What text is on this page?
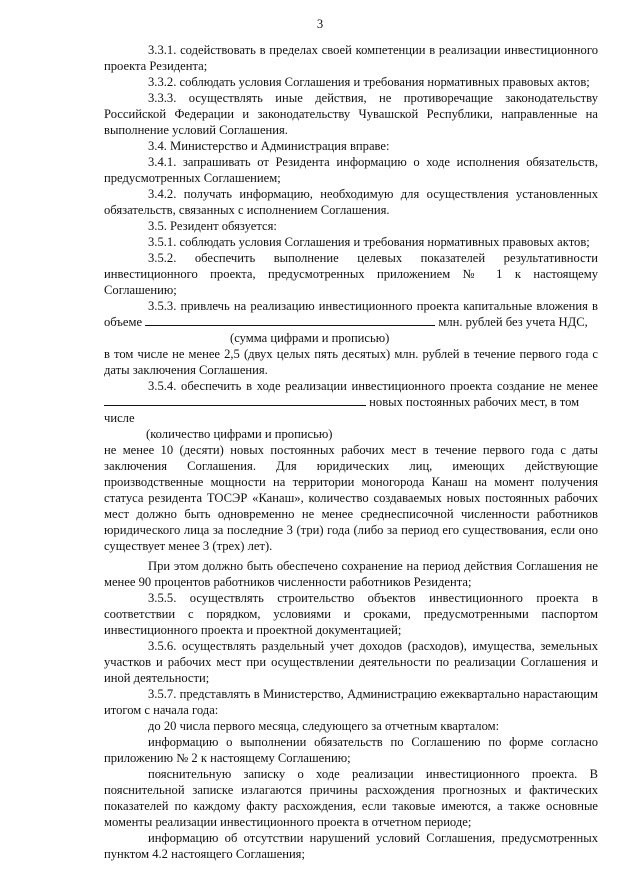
3

3.3.1. содействовать в пределах своей компетенции в реализации инвестиционного проекта Резидента;

3.3.2. соблюдать условия Соглашения и требования нормативных правовых актов;

3.3.3. осуществлять иные действия, не противоречащие законодательству Российской Федерации и законодательству Чувашской Республики, направленные на выполнение условий Соглашения.

3.4. Министерство и Администрация вправе:

3.4.1. запрашивать от Резидента информацию о ходе исполнения обязательств, предусмотренных Соглашением;

3.4.2. получать информацию, необходимую для осуществления установленных обязательств, связанных с исполнением Соглашения.

3.5. Резидент обязуется:

3.5.1. соблюдать условия Соглашения и требования нормативных правовых актов;

3.5.2. обеспечить выполнение целевых показателей результативности инвестиционного проекта, предусмотренных приложением № 1 к настоящему Соглашению;

3.5.3. привлечь на реализацию инвестиционного проекта капитальные вложения в

объеме	млн. рублей без учета НДС,

(сумма цифрами и прописью)

в том числе не менее 2,5 (двух целых пять десятых) млн. рублей в течение первого года с даты заключения Соглашения.

3.5.4. обеспечить в ходе реализации инвестиционного проекта создание не менее

новых постоянных рабочих мест, в том числе

(количество цифрами и прописью)

не менее 10 (десяти) новых постоянных рабочих мест в течение первого года с даты заключения Соглашения. Для юридических лиц, имеющих действующие производственные мощности на территории моногорода Канаш на момент получения статуса резидента ТОСЭР «Канаш», количество создаваемых новых постоянных рабочих мест должно быть одновременно не менее среднесписочной численности работников юридического лица за последние 3 (три) года (либо за период его существования, если оно существует менее 3 (трех) лет).

При этом должно быть обеспечено сохранение на период действия Соглашения не менее 90 процентов работников численности работников Резидента;

3.5.5. осуществлять строительство объектов инвестиционного проекта в соответствии с порядком, условиями и сроками, предусмотренными паспортом инвестиционного проекта и проектной документацией;

3.5.6. осуществлять раздельный учет доходов (расходов), имущества, земельных участков и рабочих мест при осуществлении деятельности по реализации Соглашения и иной деятельности;

3.5.7. представлять в Министерство, Администрацию ежеквартально нарастающим итогом с начала года:

до 20 числа первого месяца, следующего за отчетным кварталом:

информацию о выполнении обязательств по Соглашению по форме согласно приложению № 2 к настоящему Соглашению;

пояснительную записку о ходе реализации инвестиционного проекта. В пояснительной записке излагаются причины расхождения прогнозных и фактических показателей по каждому факту расхождения, если таковые имеются, а также основные моменты реализации инвестиционного проекта в отчетном периоде;

информацию об отсутствии нарушений условий Соглашения, предусмотренных пунктом 4.2 настоящего Соглашения;
